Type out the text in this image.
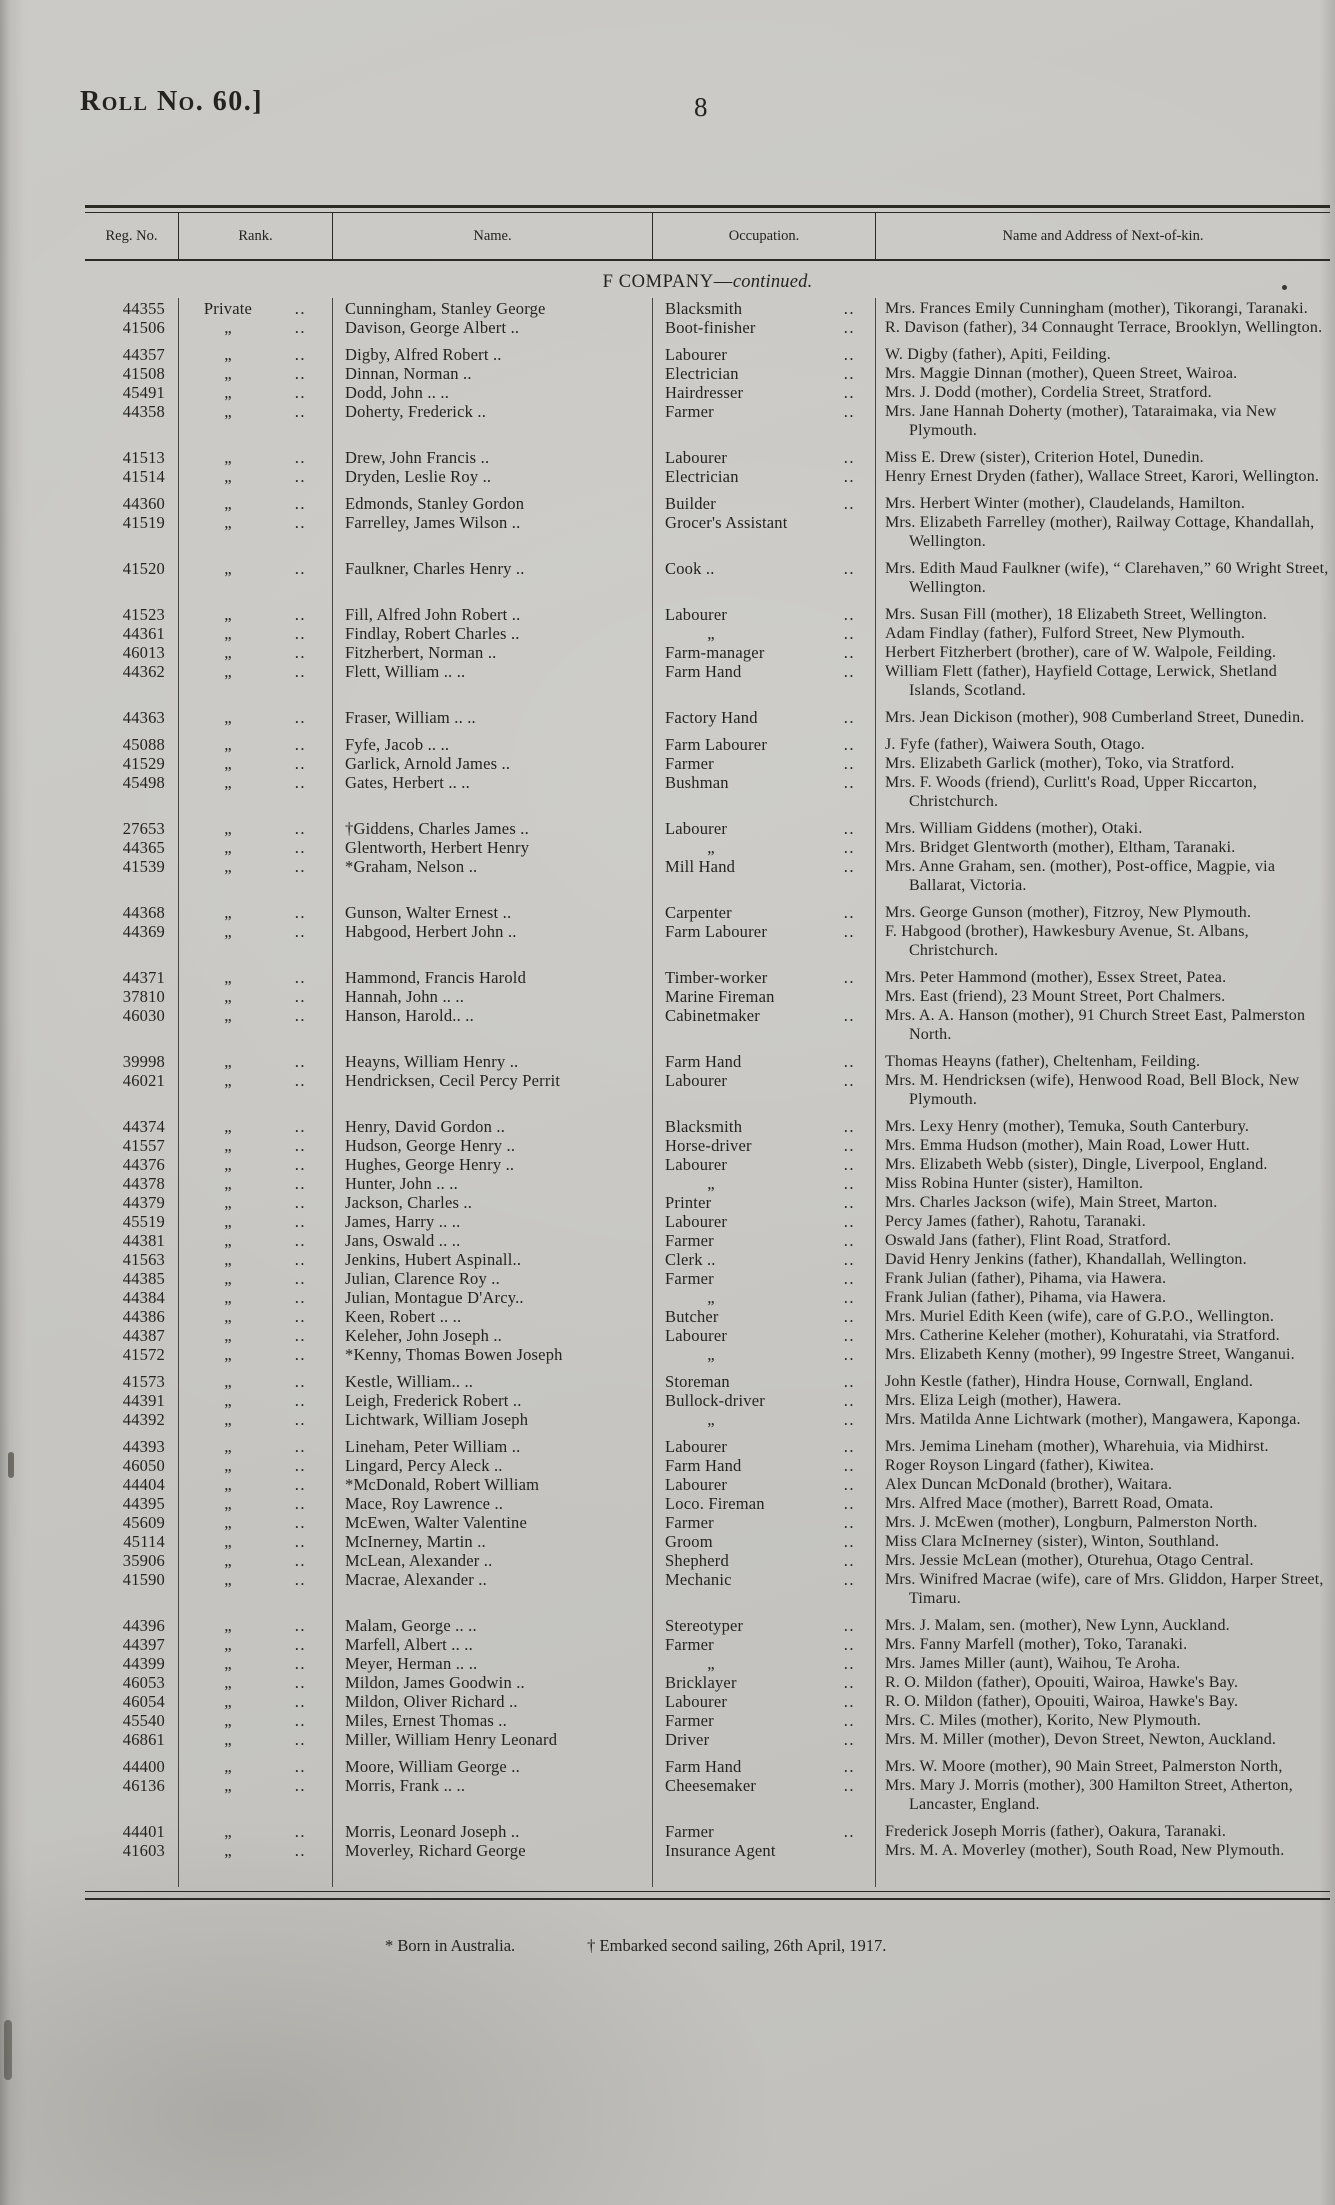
Roll No. 60.]	8
Reg. No.	Rank.	Name.	Occupation.	Name and Address of Next-of-kin.
F COMPANY—continued.
44355	Private	..	Cunningham, Stanley George	Blacksmith	..	Mrs. Frances Emily Cunningham (mother), Tikorangi, Taranaki.
41506	„	..	Davison, George Albert ..	Boot-finisher	..	R. Davison (father), 34 Connaught Terrace, Brooklyn, Wellington.
44357	„	..	Digby, Alfred Robert ..	Labourer	..	W. Digby (father), Apiti, Feilding.
41508	„	..	Dinnan, Norman ..	Electrician	..	Mrs. Maggie Dinnan (mother), Queen Street, Wairoa.
45491	„	..	Dodd, John .. ..	Hairdresser	..	Mrs. J. Dodd (mother), Cordelia Street, Stratford.
44358	„	..	Doherty, Frederick ..	Farmer	..	Mrs. Jane Hannah Doherty (mother), Tataraimaka, via New Plymouth.
41513	„	..	Drew, John Francis ..	Labourer	..	Miss E. Drew (sister), Criterion Hotel, Dunedin.
41514	„	..	Dryden, Leslie Roy ..	Electrician	..	Henry Ernest Dryden (father), Wallace Street, Karori, Wellington.
44360	„	..	Edmonds, Stanley Gordon	Builder	..	Mrs. Herbert Winter (mother), Claudelands, Hamilton.
41519	„	..	Farrelley, James Wilson ..	Grocer's Assistant	Mrs. Elizabeth Farrelley (mother), Railway Cottage, Khandallah, Wellington.
41520	„	..	Faulkner, Charles Henry ..	Cook ..	..	Mrs. Edith Maud Faulkner (wife), “ Clarehaven,” 60 Wright Street, Wellington.
41523	„	..	Fill, Alfred John Robert ..	Labourer	..	Mrs. Susan Fill (mother), 18 Elizabeth Street, Wellington.
44361	„	..	Findlay, Robert Charles ..	„	..	Adam Findlay (father), Fulford Street, New Plymouth.
46013	„	..	Fitzherbert, Norman ..	Farm-manager	..	Herbert Fitzherbert (brother), care of W. Walpole, Feilding.
44362	„	..	Flett, William .. ..	Farm Hand	..	William Flett (father), Hayfield Cottage, Lerwick, Shetland Islands, Scotland.
44363	„	..	Fraser, William .. ..	Factory Hand	..	Mrs. Jean Dickison (mother), 908 Cumberland Street, Dunedin.
45088	„	..	Fyfe, Jacob .. ..	Farm Labourer	..	J. Fyfe (father), Waiwera South, Otago.
41529	„	..	Garlick, Arnold James ..	Farmer	..	Mrs. Elizabeth Garlick (mother), Toko, via Stratford.
45498	„	..	Gates, Herbert .. ..	Bushman	..	Mrs. F. Woods (friend), Curlitt's Road, Upper Riccarton, Christchurch.
27653	„	..	†Giddens, Charles James ..	Labourer	..	Mrs. William Giddens (mother), Otaki.
44365	„	..	Glentworth, Herbert Henry	„	..	Mrs. Bridget Glentworth (mother), Eltham, Taranaki.
41539	„	..	*Graham, Nelson ..	Mill Hand	..	Mrs. Anne Graham, sen. (mother), Post-office, Magpie, via Ballarat, Victoria.
44368	„	..	Gunson, Walter Ernest ..	Carpenter	..	Mrs. George Gunson (mother), Fitzroy, New Plymouth.
44369	„	..	Habgood, Herbert John ..	Farm Labourer	..	F. Habgood (brother), Hawkesbury Avenue, St. Albans, Christchurch.
44371	„	..	Hammond, Francis Harold	Timber-worker	..	Mrs. Peter Hammond (mother), Essex Street, Patea.
37810	„	..	Hannah, John .. ..	Marine Fireman	Mrs. East (friend), 23 Mount Street, Port Chalmers.
46030	„	..	Hanson, Harold.. ..	Cabinetmaker	..	Mrs. A. A. Hanson (mother), 91 Church Street East, Palmerston North.
39998	„	..	Heayns, William Henry ..	Farm Hand	..	Thomas Heayns (father), Cheltenham, Feilding.
46021	„	..	Hendricksen, Cecil Percy Perrit	Labourer	..	Mrs. M. Hendricksen (wife), Henwood Road, Bell Block, New Plymouth.
44374	„	..	Henry, David Gordon ..	Blacksmith	..	Mrs. Lexy Henry (mother), Temuka, South Canterbury.
41557	„	..	Hudson, George Henry ..	Horse-driver	..	Mrs. Emma Hudson (mother), Main Road, Lower Hutt.
44376	„	..	Hughes, George Henry ..	Labourer	..	Mrs. Elizabeth Webb (sister), Dingle, Liverpool, England.
44378	„	..	Hunter, John .. ..	„	..	Miss Robina Hunter (sister), Hamilton.
44379	„	..	Jackson, Charles ..	Printer	..	Mrs. Charles Jackson (wife), Main Street, Marton.
45519	„	..	James, Harry .. ..	Labourer	..	Percy James (father), Rahotu, Taranaki.
44381	„	..	Jans, Oswald .. ..	Farmer	..	Oswald Jans (father), Flint Road, Stratford.
41563	„	..	Jenkins, Hubert Aspinall..	Clerk ..	..	David Henry Jenkins (father), Khandallah, Wellington.
44385	„	..	Julian, Clarence Roy ..	Farmer	..	Frank Julian (father), Pihama, via Hawera.
44384	„	..	Julian, Montague D'Arcy..	„	..	Frank Julian (father), Pihama, via Hawera.
44386	„	..	Keen, Robert .. ..	Butcher	..	Mrs. Muriel Edith Keen (wife), care of G.P.O., Wellington.
44387	„	..	Keleher, John Joseph ..	Labourer	..	Mrs. Catherine Keleher (mother), Kohuratahi, via Stratford.
41572	„	..	*Kenny, Thomas Bowen Joseph	„	..	Mrs. Elizabeth Kenny (mother), 99 Ingestre Street, Wanganui.
41573	„	..	Kestle, William.. ..	Storeman	..	John Kestle (father), Hindra House, Cornwall, England.
44391	„	..	Leigh, Frederick Robert ..	Bullock-driver	..	Mrs. Eliza Leigh (mother), Hawera.
44392	„	..	Lichtwark, William Joseph	„	..	Mrs. Matilda Anne Lichtwark (mother), Mangawera, Kaponga.
44393	„	..	Lineham, Peter William ..	Labourer	..	Mrs. Jemima Lineham (mother), Wharehuia, via Midhirst.
46050	„	..	Lingard, Percy Aleck ..	Farm Hand	..	Roger Royson Lingard (father), Kiwitea.
44404	„	..	*McDonald, Robert William	Labourer	..	Alex Duncan McDonald (brother), Waitara.
44395	„	..	Mace, Roy Lawrence ..	Loco. Fireman	..	Mrs. Alfred Mace (mother), Barrett Road, Omata.
45609	„	..	McEwen, Walter Valentine	Farmer	..	Mrs. J. McEwen (mother), Longburn, Palmerston North.
45114	„	..	McInerney, Martin ..	Groom	..	Miss Clara McInerney (sister), Winton, Southland.
35906	„	..	McLean, Alexander ..	Shepherd	..	Mrs. Jessie McLean (mother), Oturehua, Otago Central.
41590	„	..	Macrae, Alexander ..	Mechanic	..	Mrs. Winifred Macrae (wife), care of Mrs. Gliddon, Harper Street, Timaru.
44396	„	..	Malam, George .. ..	Stereotyper	..	Mrs. J. Malam, sen. (mother), New Lynn, Auckland.
44397	„	..	Marfell, Albert .. ..	Farmer	..	Mrs. Fanny Marfell (mother), Toko, Taranaki.
44399	„	..	Meyer, Herman .. ..	„	..	Mrs. James Miller (aunt), Waihou, Te Aroha.
46053	„	..	Mildon, James Goodwin ..	Bricklayer	..	R. O. Mildon (father), Opouiti, Wairoa, Hawke's Bay.
46054	„	..	Mildon, Oliver Richard ..	Labourer	..	R. O. Mildon (father), Opouiti, Wairoa, Hawke's Bay.
45540	„	..	Miles, Ernest Thomas ..	Farmer	..	Mrs. C. Miles (mother), Korito, New Plymouth.
46861	„	..	Miller, William Henry Leonard	Driver	..	Mrs. M. Miller (mother), Devon Street, Newton, Auckland.
44400	„	..	Moore, William George ..	Farm Hand	..	Mrs. W. Moore (mother), 90 Main Street, Palmerston North,
46136	„	..	Morris, Frank .. ..	Cheesemaker	..	Mrs. Mary J. Morris (mother), 300 Hamilton Street, Atherton, Lancaster, England.
44401	„	..	Morris, Leonard Joseph ..	Farmer	..	Frederick Joseph Morris (father), Oakura, Taranaki.
41603	„	..	Moverley, Richard George	Insurance Agent	Mrs. M. A. Moverley (mother), South Road, New Plymouth.
* Born in Australia.	† Embarked second sailing, 26th April, 1917.
